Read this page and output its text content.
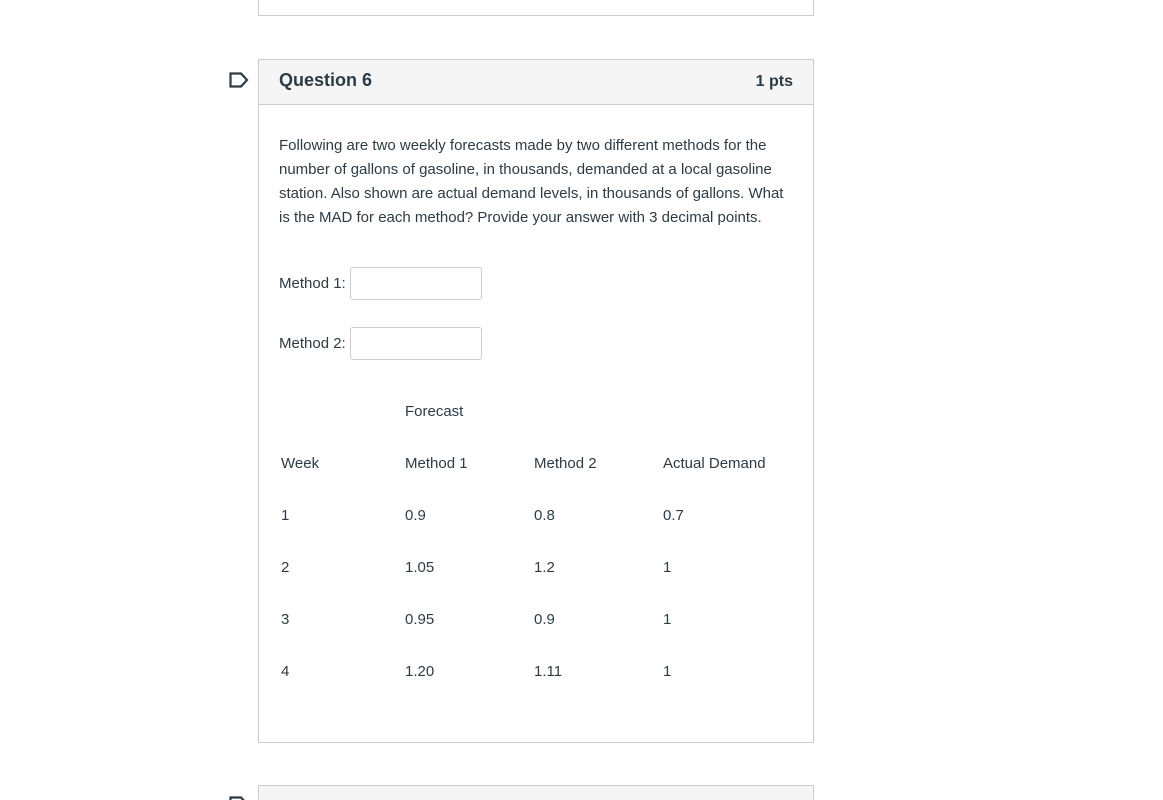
Question 6	1 pts
Following are two weekly forecasts made by two different methods for the number of gallons of gasoline, in thousands, demanded at a local gasoline station. Also shown are actual demand levels, in thousands of gallons. What is the MAD for each method? Provide your answer with 3 decimal points.
Method 1:
Method 2:
Forecast
Week	Method 1	Method 2	Actual Demand
1	0.9	0.8	0.7
2	1.05	1.2	1
3	0.95	0.9	1
4	1.20	1.11	1
